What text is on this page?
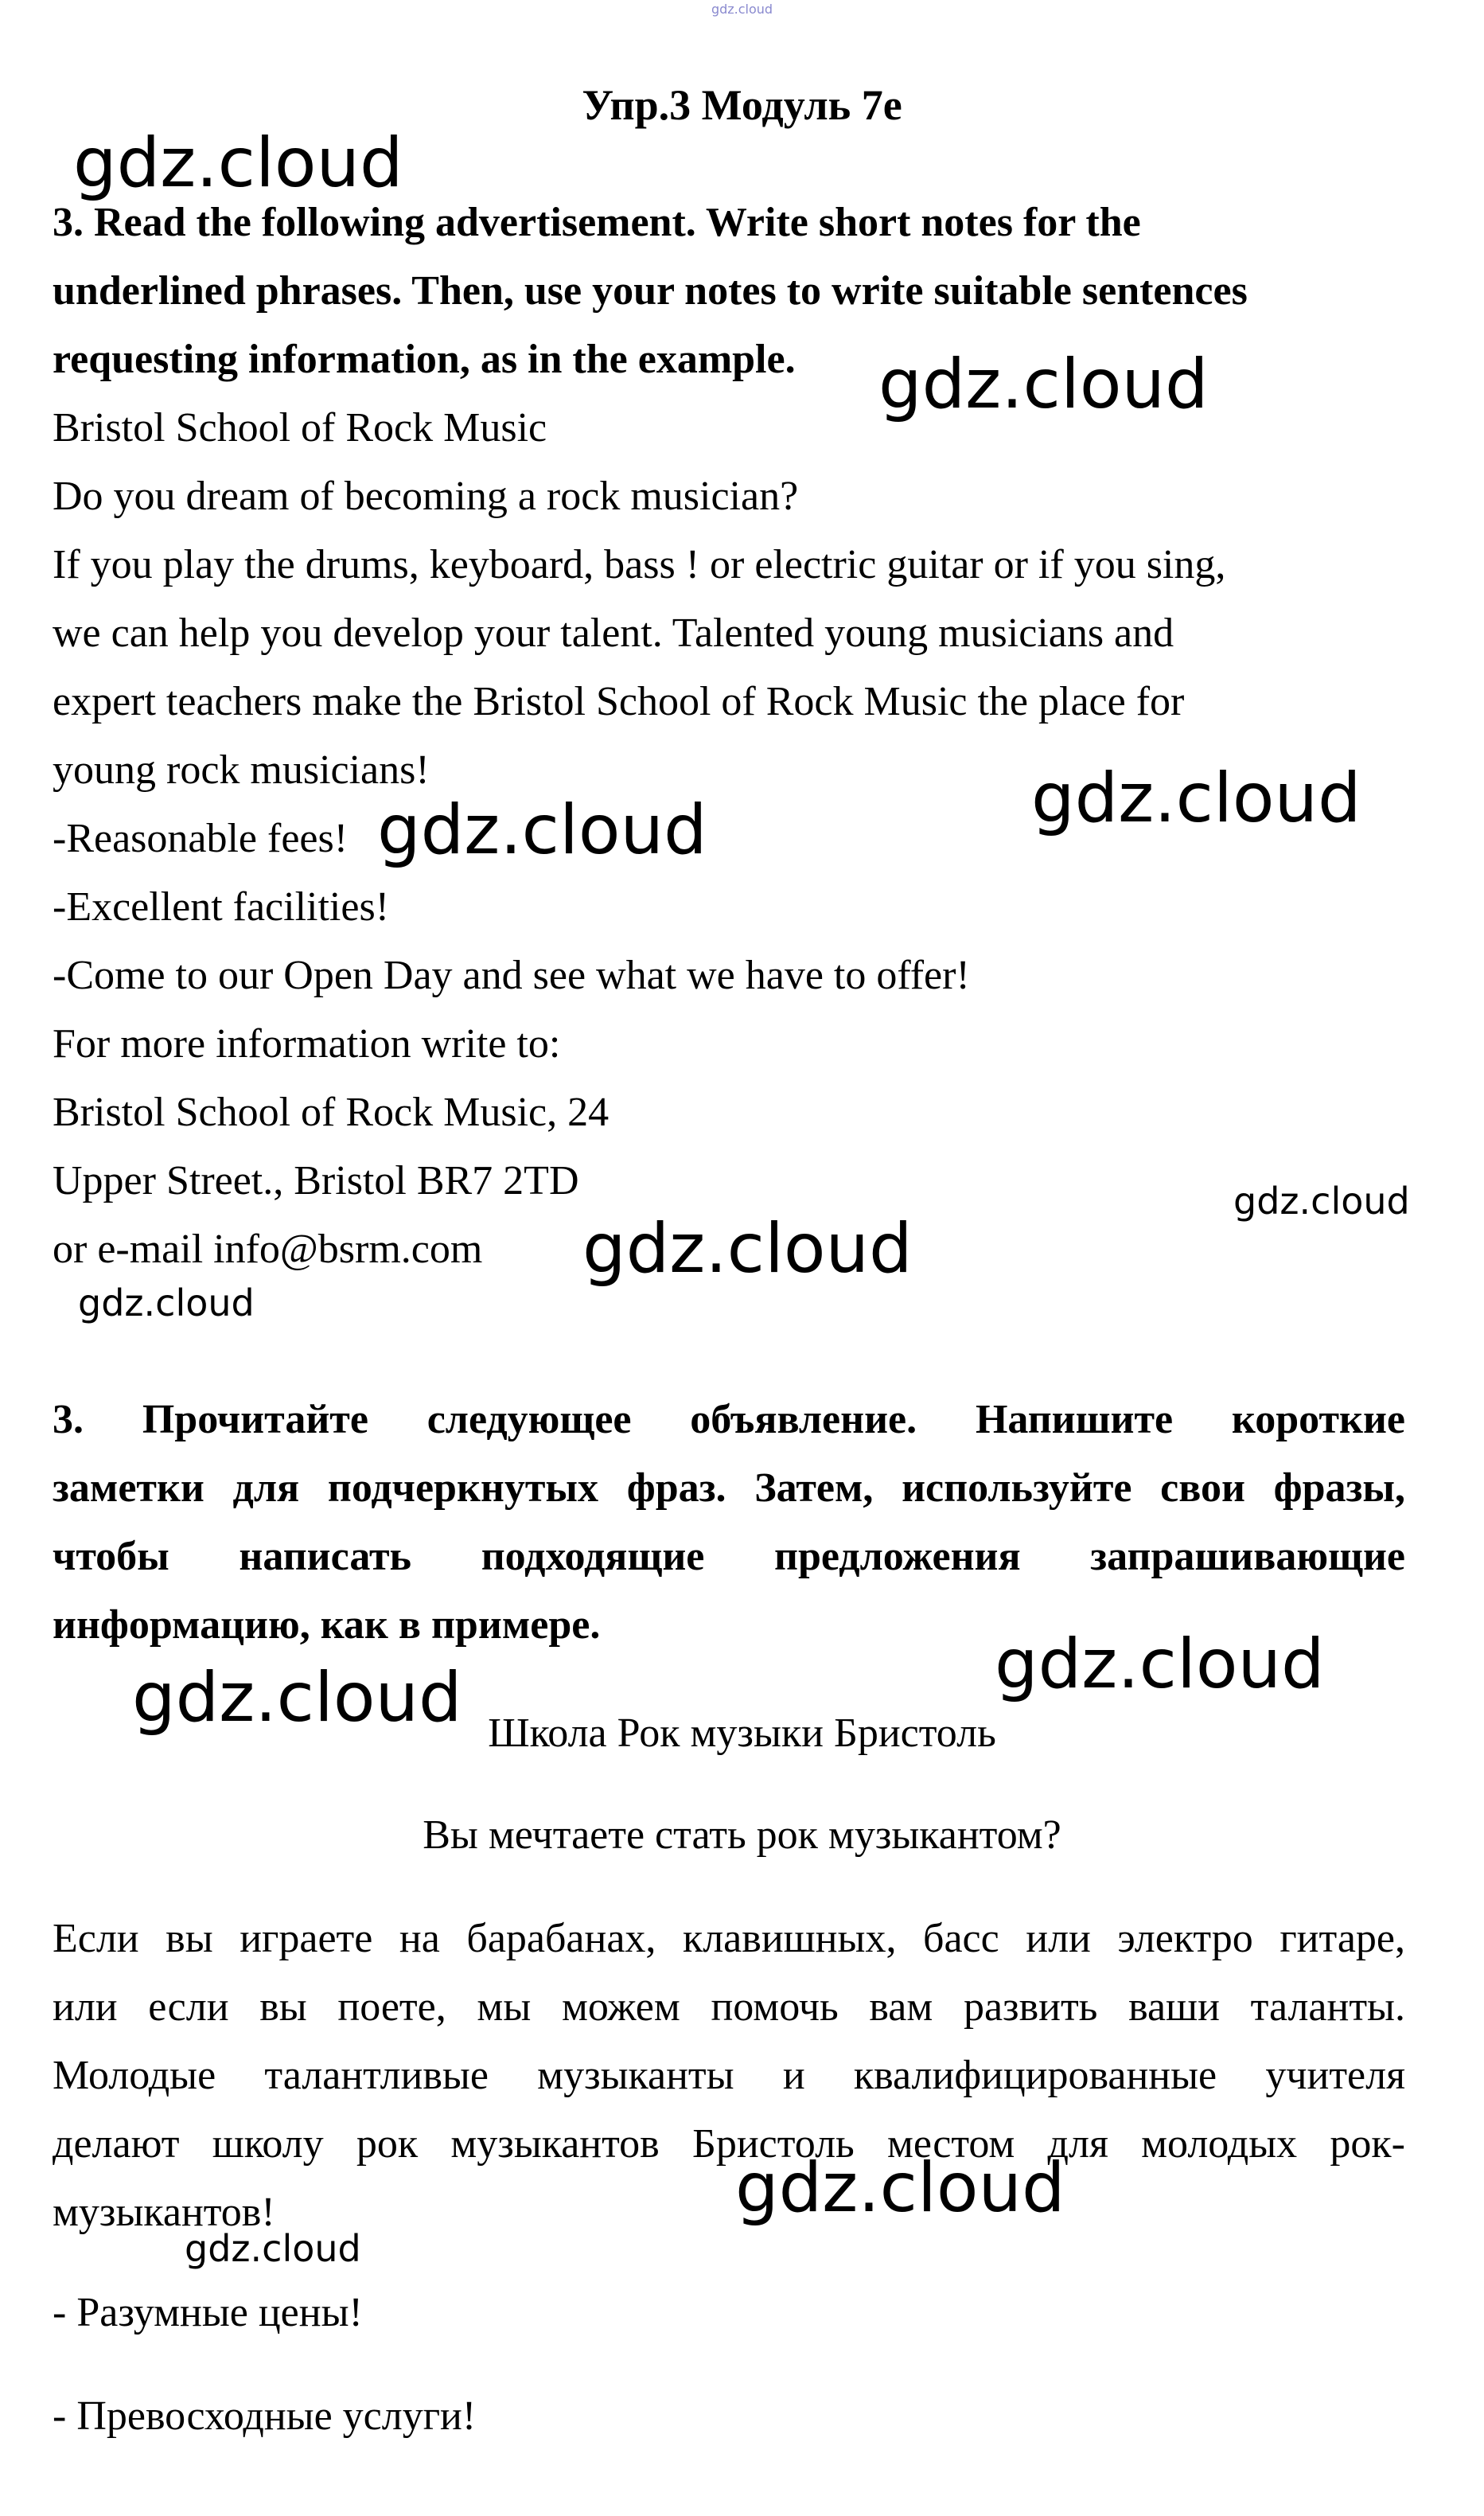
gdz.cloud
Упр.3 Модуль 7e

3. Read the following advertisement. Write short notes for the

underlined phrases. Then, use your notes to write suitable sentences

requesting information, as in the example.

Bristol School of Rock Music

Do you dream of becoming a rock musician?

If you play the drums, keyboard, bass ! or electric guitar or if you sing,

we can help you develop your talent. Talented young musicians and

expert teachers make the Bristol School of Rock Music the place for

young rock musicians!

-Reasonable fees!

-Excellent facilities!

-Come to our Open Day and see what we have to offer!

For more information write to:

Bristol School of Rock Music, 24

Upper Street., Bristol BR7 2TD

or e-mail info@bsrm.com

3. Прочитайте следующее объявление. Напишите короткие

заметки для подчеркнутых фраз. Затем, используйте свои фразы,

чтобы написать подходящие предложения запрашивающие

информацию, как в примере.

Школа Рок музыки Бристоль

Вы мечтаете стать рок музыкантом?

Если вы играете на барабанах, клавишных, басс или электро гитаре,

или если вы поете, мы можем помочь вам развить ваши таланты.

Молодые талантливые музыканты и квалифицированные учителя

делают школу рок музыкантов Бристоль местом для молодых рок-

музыкантов!

- Разумные цены!

- Превосходные услуги!

gdz.cloud
gdz.cloud
gdz.cloud
gdz.cloud
gdz.cloud
gdz.cloud
gdz.cloud
gdz.cloud
gdz.cloud
gdz.cloud
gdz.cloud
